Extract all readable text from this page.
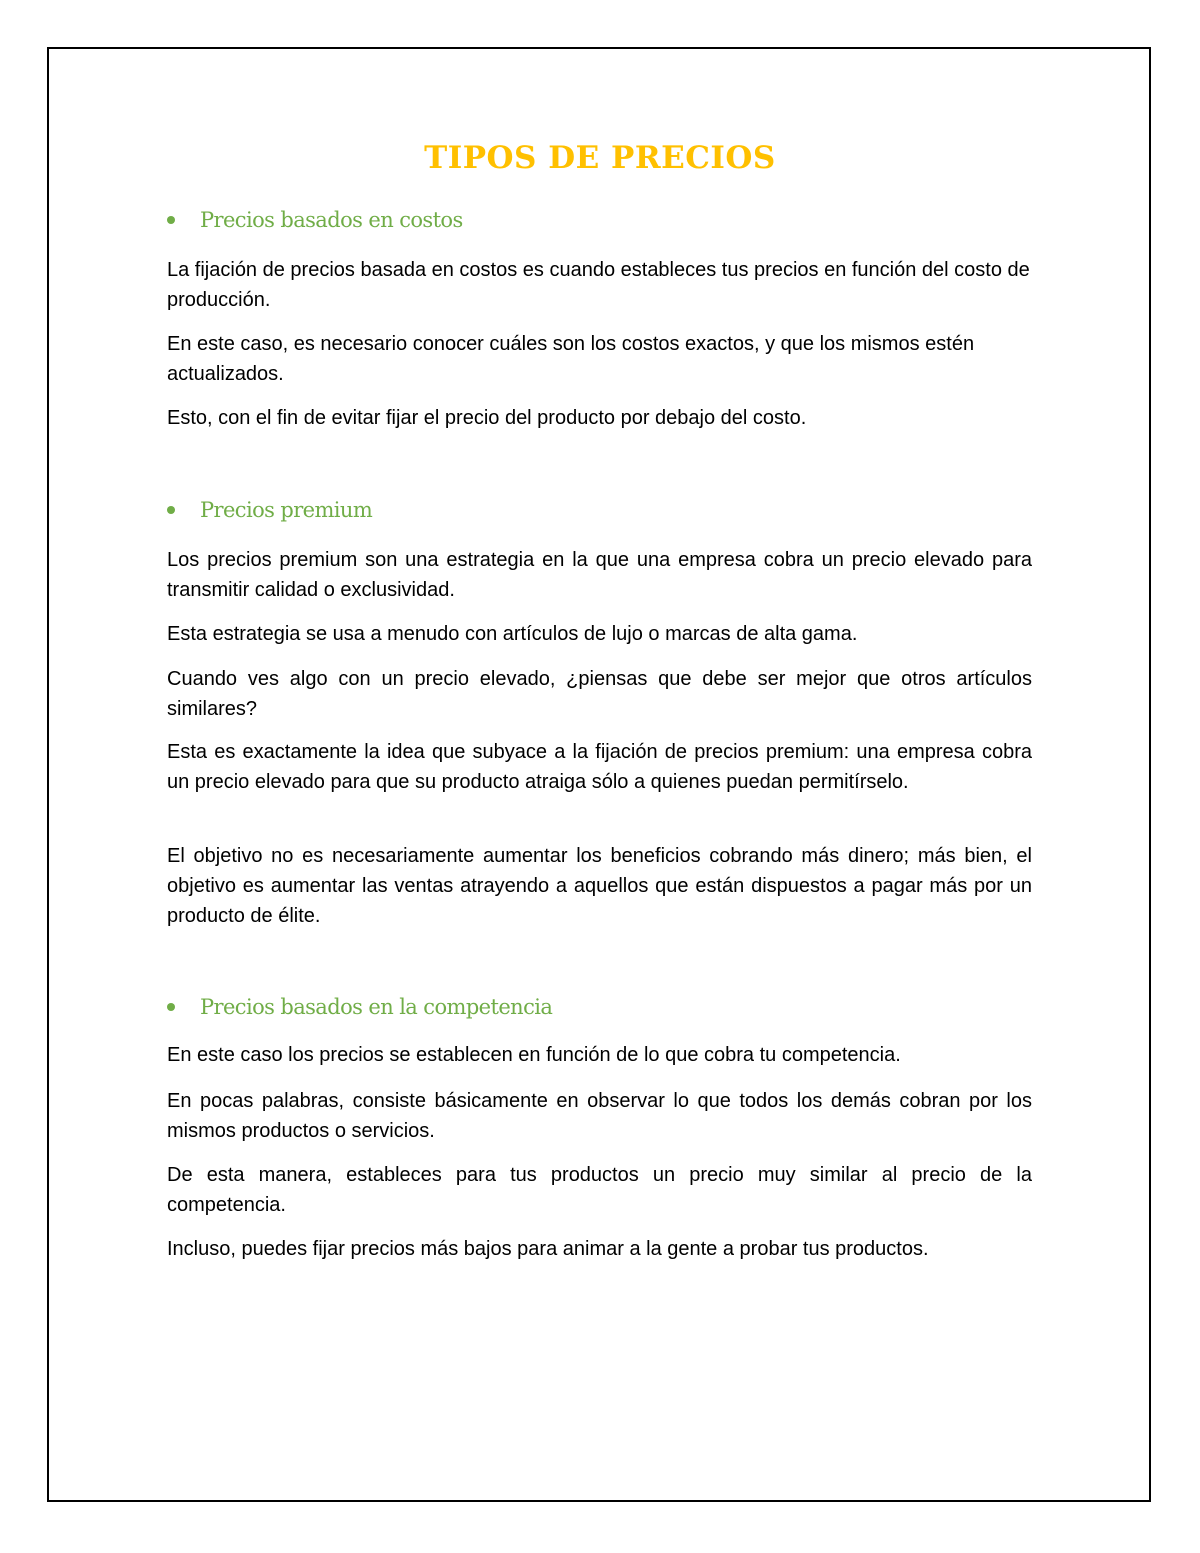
TIPOS DE PRECIOS
Precios basados en costos

La fijación de precios basada en costos es cuando estableces tus precios en función del costo de producción.

En este caso, es necesario conocer cuáles son los costos exactos, y que los mismos estén actualizados.

Esto, con el fin de evitar fijar el precio del producto por debajo del costo.

Precios premium

Los precios premium son una estrategia en la que una empresa cobra un precio elevado para transmitir calidad o exclusividad.

Esta estrategia se usa a menudo con artículos de lujo o marcas de alta gama.

Cuando ves algo con un precio elevado, ¿piensas que debe ser mejor que otros artículos similares?

Esta es exactamente la idea que subyace a la fijación de precios premium: una empresa cobra un precio elevado para que su producto atraiga sólo a quienes puedan permitírselo.

El objetivo no es necesariamente aumentar los beneficios cobrando más dinero; más bien, el objetivo es aumentar las ventas atrayendo a aquellos que están dispuestos a pagar más por un producto de élite.

Precios basados en la competencia

En este caso los precios se establecen en función de lo que cobra tu competencia.

En pocas palabras, consiste básicamente en observar lo que todos los demás cobran por los mismos productos o servicios.

De esta manera, estableces para tus productos un precio muy similar al precio de la competencia.

Incluso, puedes fijar precios más bajos para animar a la gente a probar tus productos.
